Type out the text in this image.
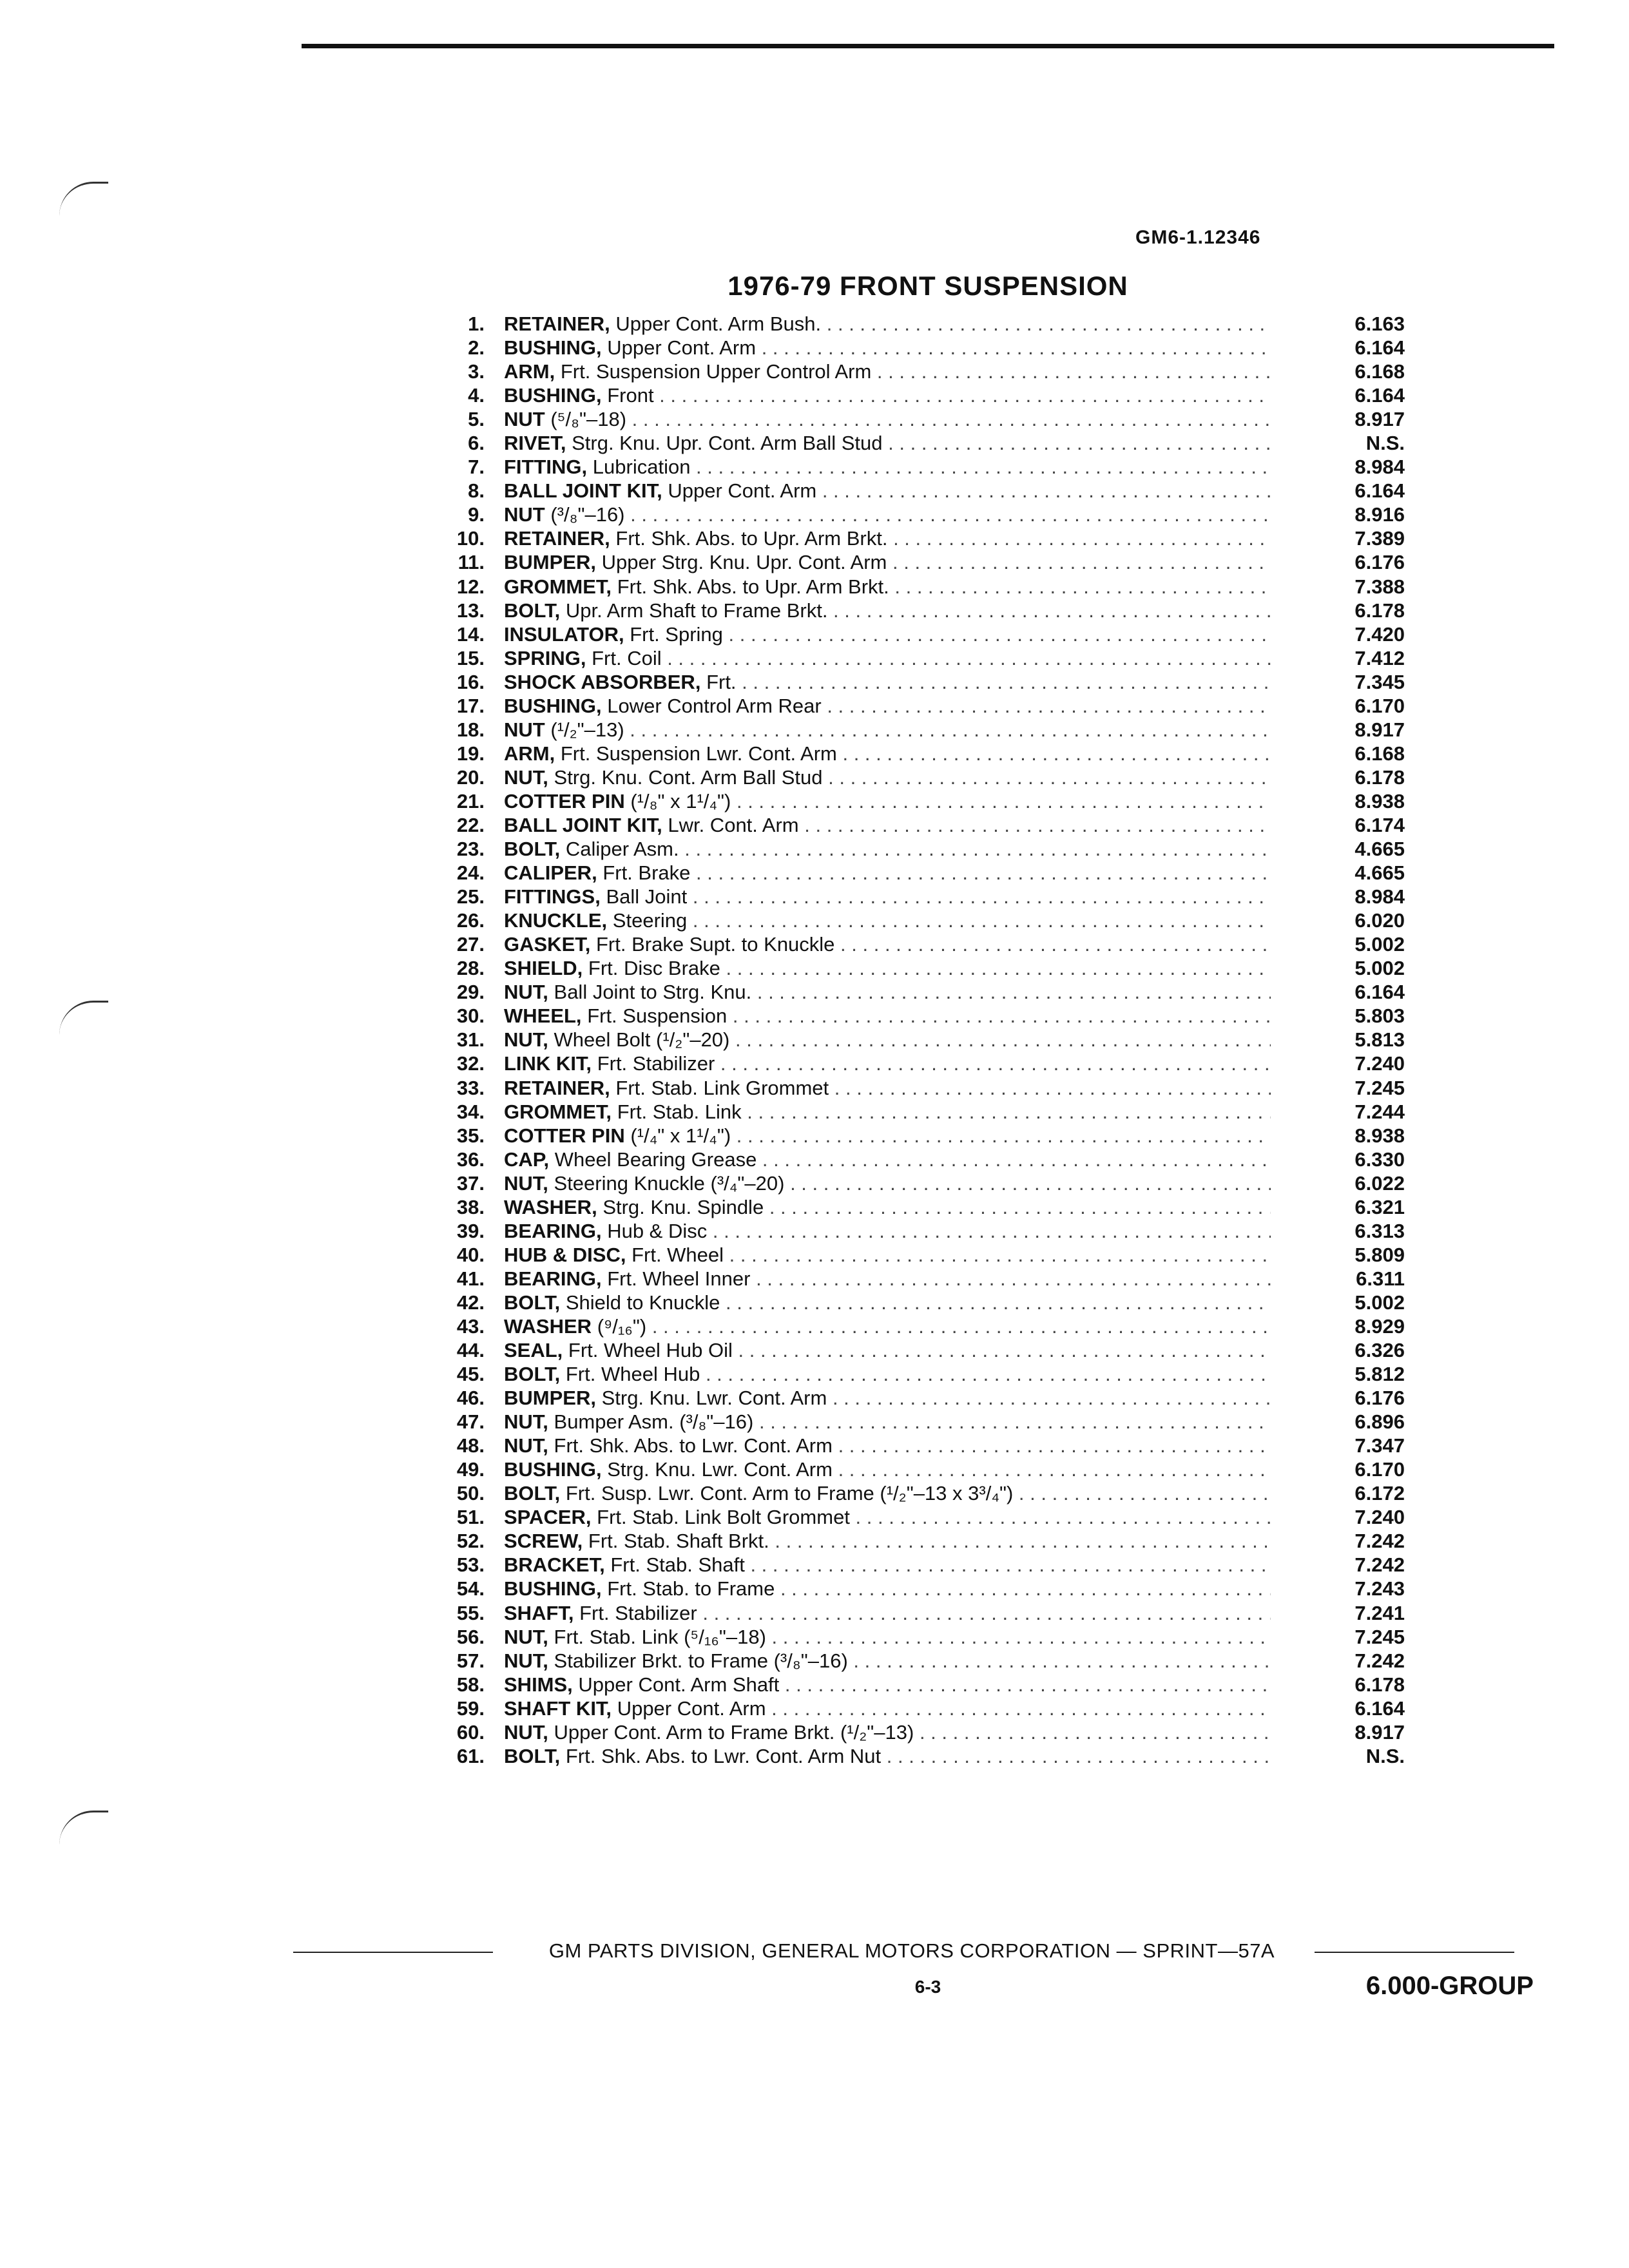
GM6-1.12346
1976-79 FRONT SUSPENSION
1. RETAINER, Upper Cont. Arm Bush. . . .	6.163
2. BUSHING, Upper Cont. Arm . . .	6.164
3. ARM, Frt. Suspension Upper Control Arm . . .	6.168
4. BUSHING, Front . . .	6.164
5. NUT (⁵/₈"–18) . . .	8.917
6. RIVET, Strg. Knu. Upr. Cont. Arm Ball Stud . . .	N.S.
7. FITTING, Lubrication . . .	8.984
8. BALL JOINT KIT, Upper Cont. Arm . . .	6.164
9. NUT (³/₈"–16) . . .	8.916
10. RETAINER, Frt. Shk. Abs. to Upr. Arm Brkt. . . .	7.389
11. BUMPER, Upper Strg. Knu. Upr. Cont. Arm . . .	6.176
12. GROMMET, Frt. Shk. Abs. to Upr. Arm Brkt. . . .	7.388
13. BOLT, Upr. Arm Shaft to Frame Brkt. . . .	6.178
14. INSULATOR, Frt. Spring . . .	7.420
15. SPRING, Frt. Coil . . .	7.412
16. SHOCK ABSORBER, Frt. . . .	7.345
17. BUSHING, Lower Control Arm Rear . . .	6.170
18. NUT (¹/₂"–13) . . .	8.917
19. ARM, Frt. Suspension Lwr. Cont. Arm . . .	6.168
20. NUT, Strg. Knu. Cont. Arm Ball Stud . . .	6.178
21. COTTER PIN (¹/₈" x 1¹/₄") . . .	8.938
22. BALL JOINT KIT, Lwr. Cont. Arm . . .	6.174
23. BOLT, Caliper Asm. . . .	4.665
24. CALIPER, Frt. Brake . . .	4.665
25. FITTINGS, Ball Joint . . .	8.984
26. KNUCKLE, Steering . . .	6.020
27. GASKET, Frt. Brake Supt. to Knuckle . . .	5.002
28. SHIELD, Frt. Disc Brake . . .	5.002
29. NUT, Ball Joint to Strg. Knu. . . .	6.164
30. WHEEL, Frt. Suspension . . .	5.803
31. NUT, Wheel Bolt (¹/₂"–20) . . .	5.813
32. LINK KIT, Frt. Stabilizer . . .	7.240
33. RETAINER, Frt. Stab. Link Grommet . . .	7.245
34. GROMMET, Frt. Stab. Link . . .	7.244
35. COTTER PIN (¹/₄" x 1¹/₄") . . .	8.938
36. CAP, Wheel Bearing Grease . . .	6.330
37. NUT, Steering Knuckle (³/₄"–20) . . .	6.022
38. WASHER, Strg. Knu. Spindle . . .	6.321
39. BEARING, Hub & Disc . . .	6.313
40. HUB & DISC, Frt. Wheel . . .	5.809
41. BEARING, Frt. Wheel Inner . . .	6.311
42. BOLT, Shield to Knuckle . . .	5.002
43. WASHER (⁹/₁₆") . . .	8.929
44. SEAL, Frt. Wheel Hub Oil . . .	6.326
45. BOLT, Frt. Wheel Hub . . .	5.812
46. BUMPER, Strg. Knu. Lwr. Cont. Arm . . .	6.176
47. NUT, Bumper Asm. (³/₈"–16) . . .	6.896
48. NUT, Frt. Shk. Abs. to Lwr. Cont. Arm . . .	7.347
49. BUSHING, Strg. Knu. Lwr. Cont. Arm . . .	6.170
50. BOLT, Frt. Susp. Lwr. Cont. Arm to Frame (¹/₂"–13 x 3³/₄") . . .	6.172
51. SPACER, Frt. Stab. Link Bolt Grommet . . .	7.240
52. SCREW, Frt. Stab. Shaft Brkt. . . .	7.242
53. BRACKET, Frt. Stab. Shaft . . .	7.242
54. BUSHING, Frt. Stab. to Frame . . .	7.243
55. SHAFT, Frt. Stabilizer . . .	7.241
56. NUT, Frt. Stab. Link (⁵/₁₆"–18) . . .	7.245
57. NUT, Stabilizer Brkt. to Frame (³/₈"–16) . . .	7.242
58. SHIMS, Upper Cont. Arm Shaft . . .	6.178
59. SHAFT KIT, Upper Cont. Arm . . .	6.164
60. NUT, Upper Cont. Arm to Frame Brkt. (¹/₂"–13) . . .	8.917
61. BOLT, Frt. Shk. Abs. to Lwr. Cont. Arm Nut . . .	N.S.
GM PARTS DIVISION, GENERAL MOTORS CORPORATION — SPRINT—57A
6-3	6.000-GROUP
